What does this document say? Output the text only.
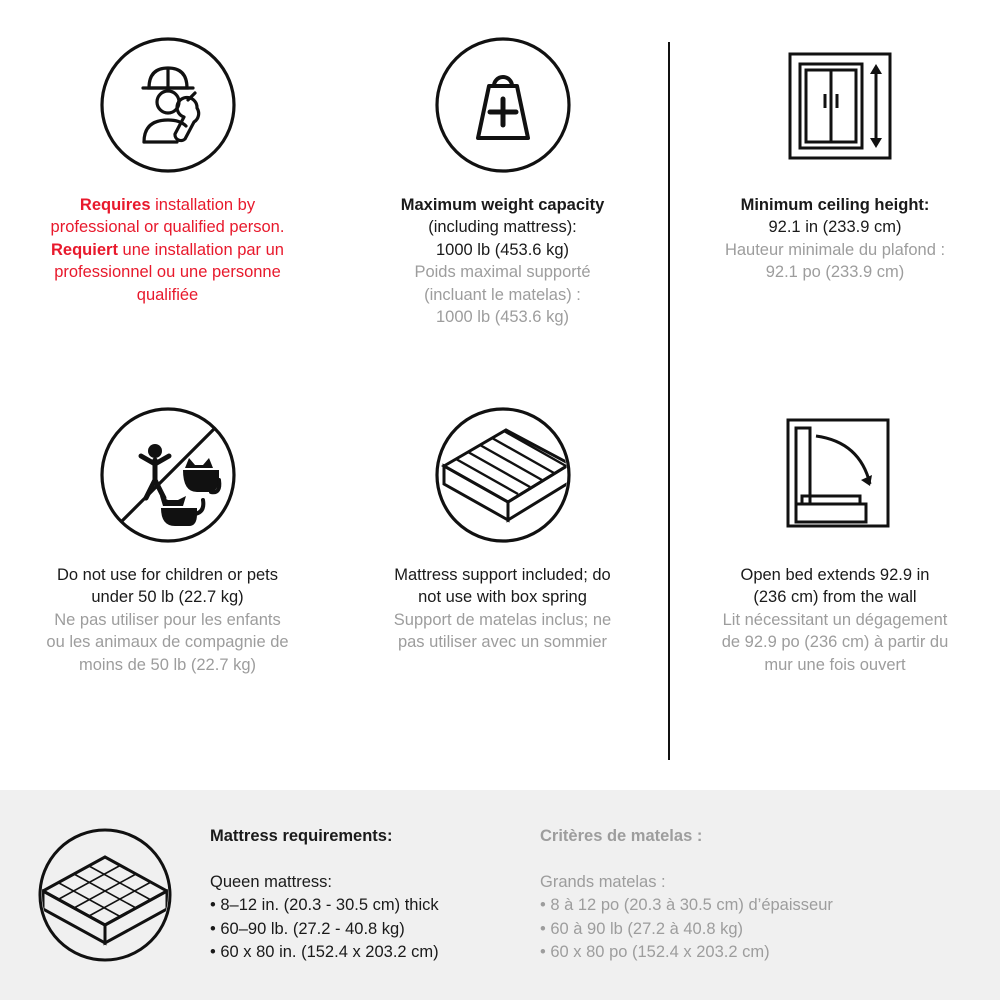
Requires installation by
professional or qualified person.
Requiert une installation par un
professionnel ou une personne
qualifiée
Maximum weight capacity
(including mattress):
1000 lb (453.6 kg)
Poids maximal supporté
(incluant le matelas) :
1000 lb (453.6 kg)
Minimum ceiling height:
92.1 in (233.9 cm)
Hauteur minimale du plafond :
92.1 po (233.9 cm)
Do not use for children or pets
under 50 lb (22.7 kg)
Ne pas utiliser pour les enfants
ou les animaux de compagnie de
moins de 50 lb (22.7 kg)
Mattress support included; do
not use with box spring
Support de matelas inclus; ne
pas utiliser avec un sommier
Open bed extends 92.9 in
(236 cm) from the wall
Lit nécessitant un dégagement
de 92.9 po (236 cm) à partir du
mur une fois ouvert
Mattress requirements:
Queen mattress:
• 8–12 in. (20.3 - 30.5 cm) thick
• 60–90 lb. (27.2 - 40.8 kg)
• 60 x 80 in. (152.4 x 203.2 cm)
Critères de matelas :
Grands matelas :
• 8 à 12 po (20.3 à 30.5 cm) d’épaisseur
• 60 à 90 lb (27.2 à 40.8 kg)
• 60 x 80 po (152.4 x 203.2 cm)
